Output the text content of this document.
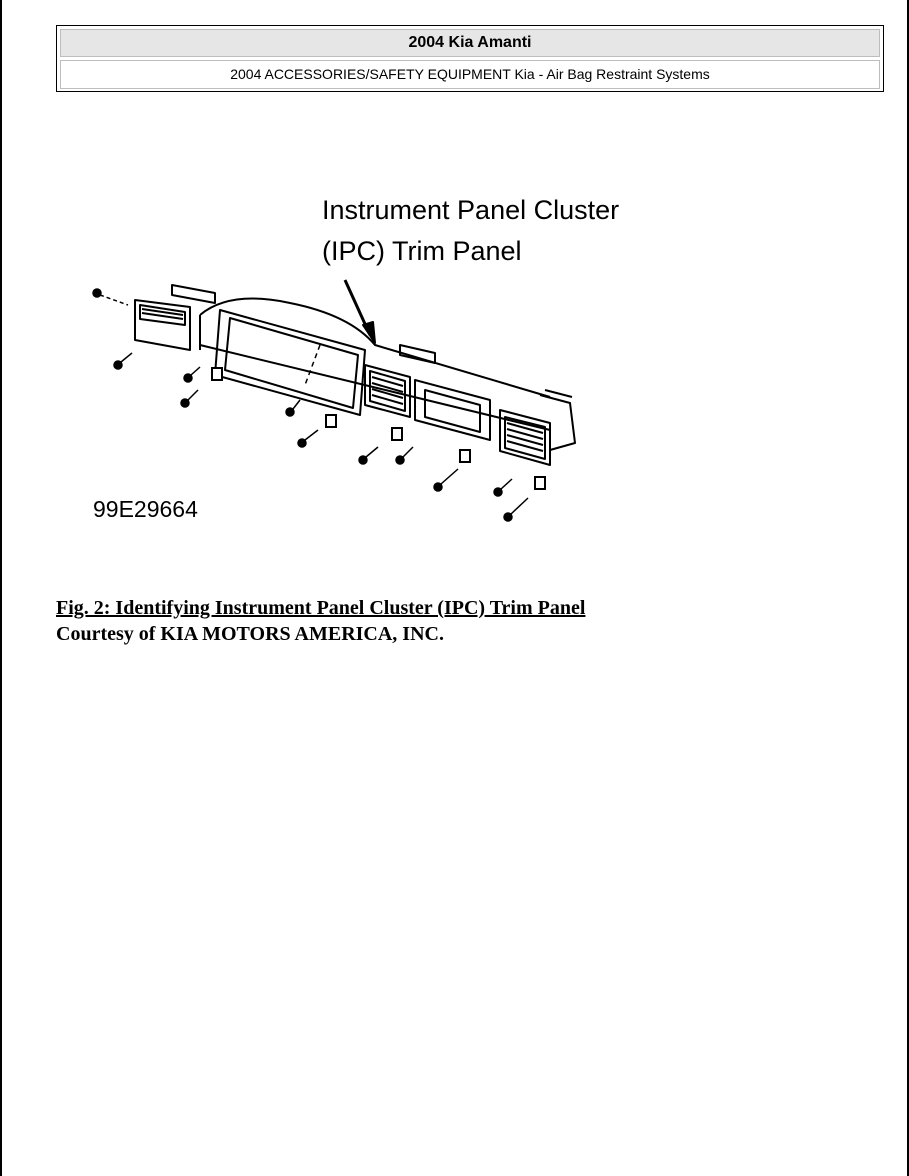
2004 Kia Amanti
2004 ACCESSORIES/SAFETY EQUIPMENT Kia - Air Bag Restraint Systems
Instrument Panel Cluster
(IPC) Trim Panel
99E29664
Fig. 2: Identifying Instrument Panel Cluster (IPC) Trim Panel
Courtesy of KIA MOTORS AMERICA, INC.
